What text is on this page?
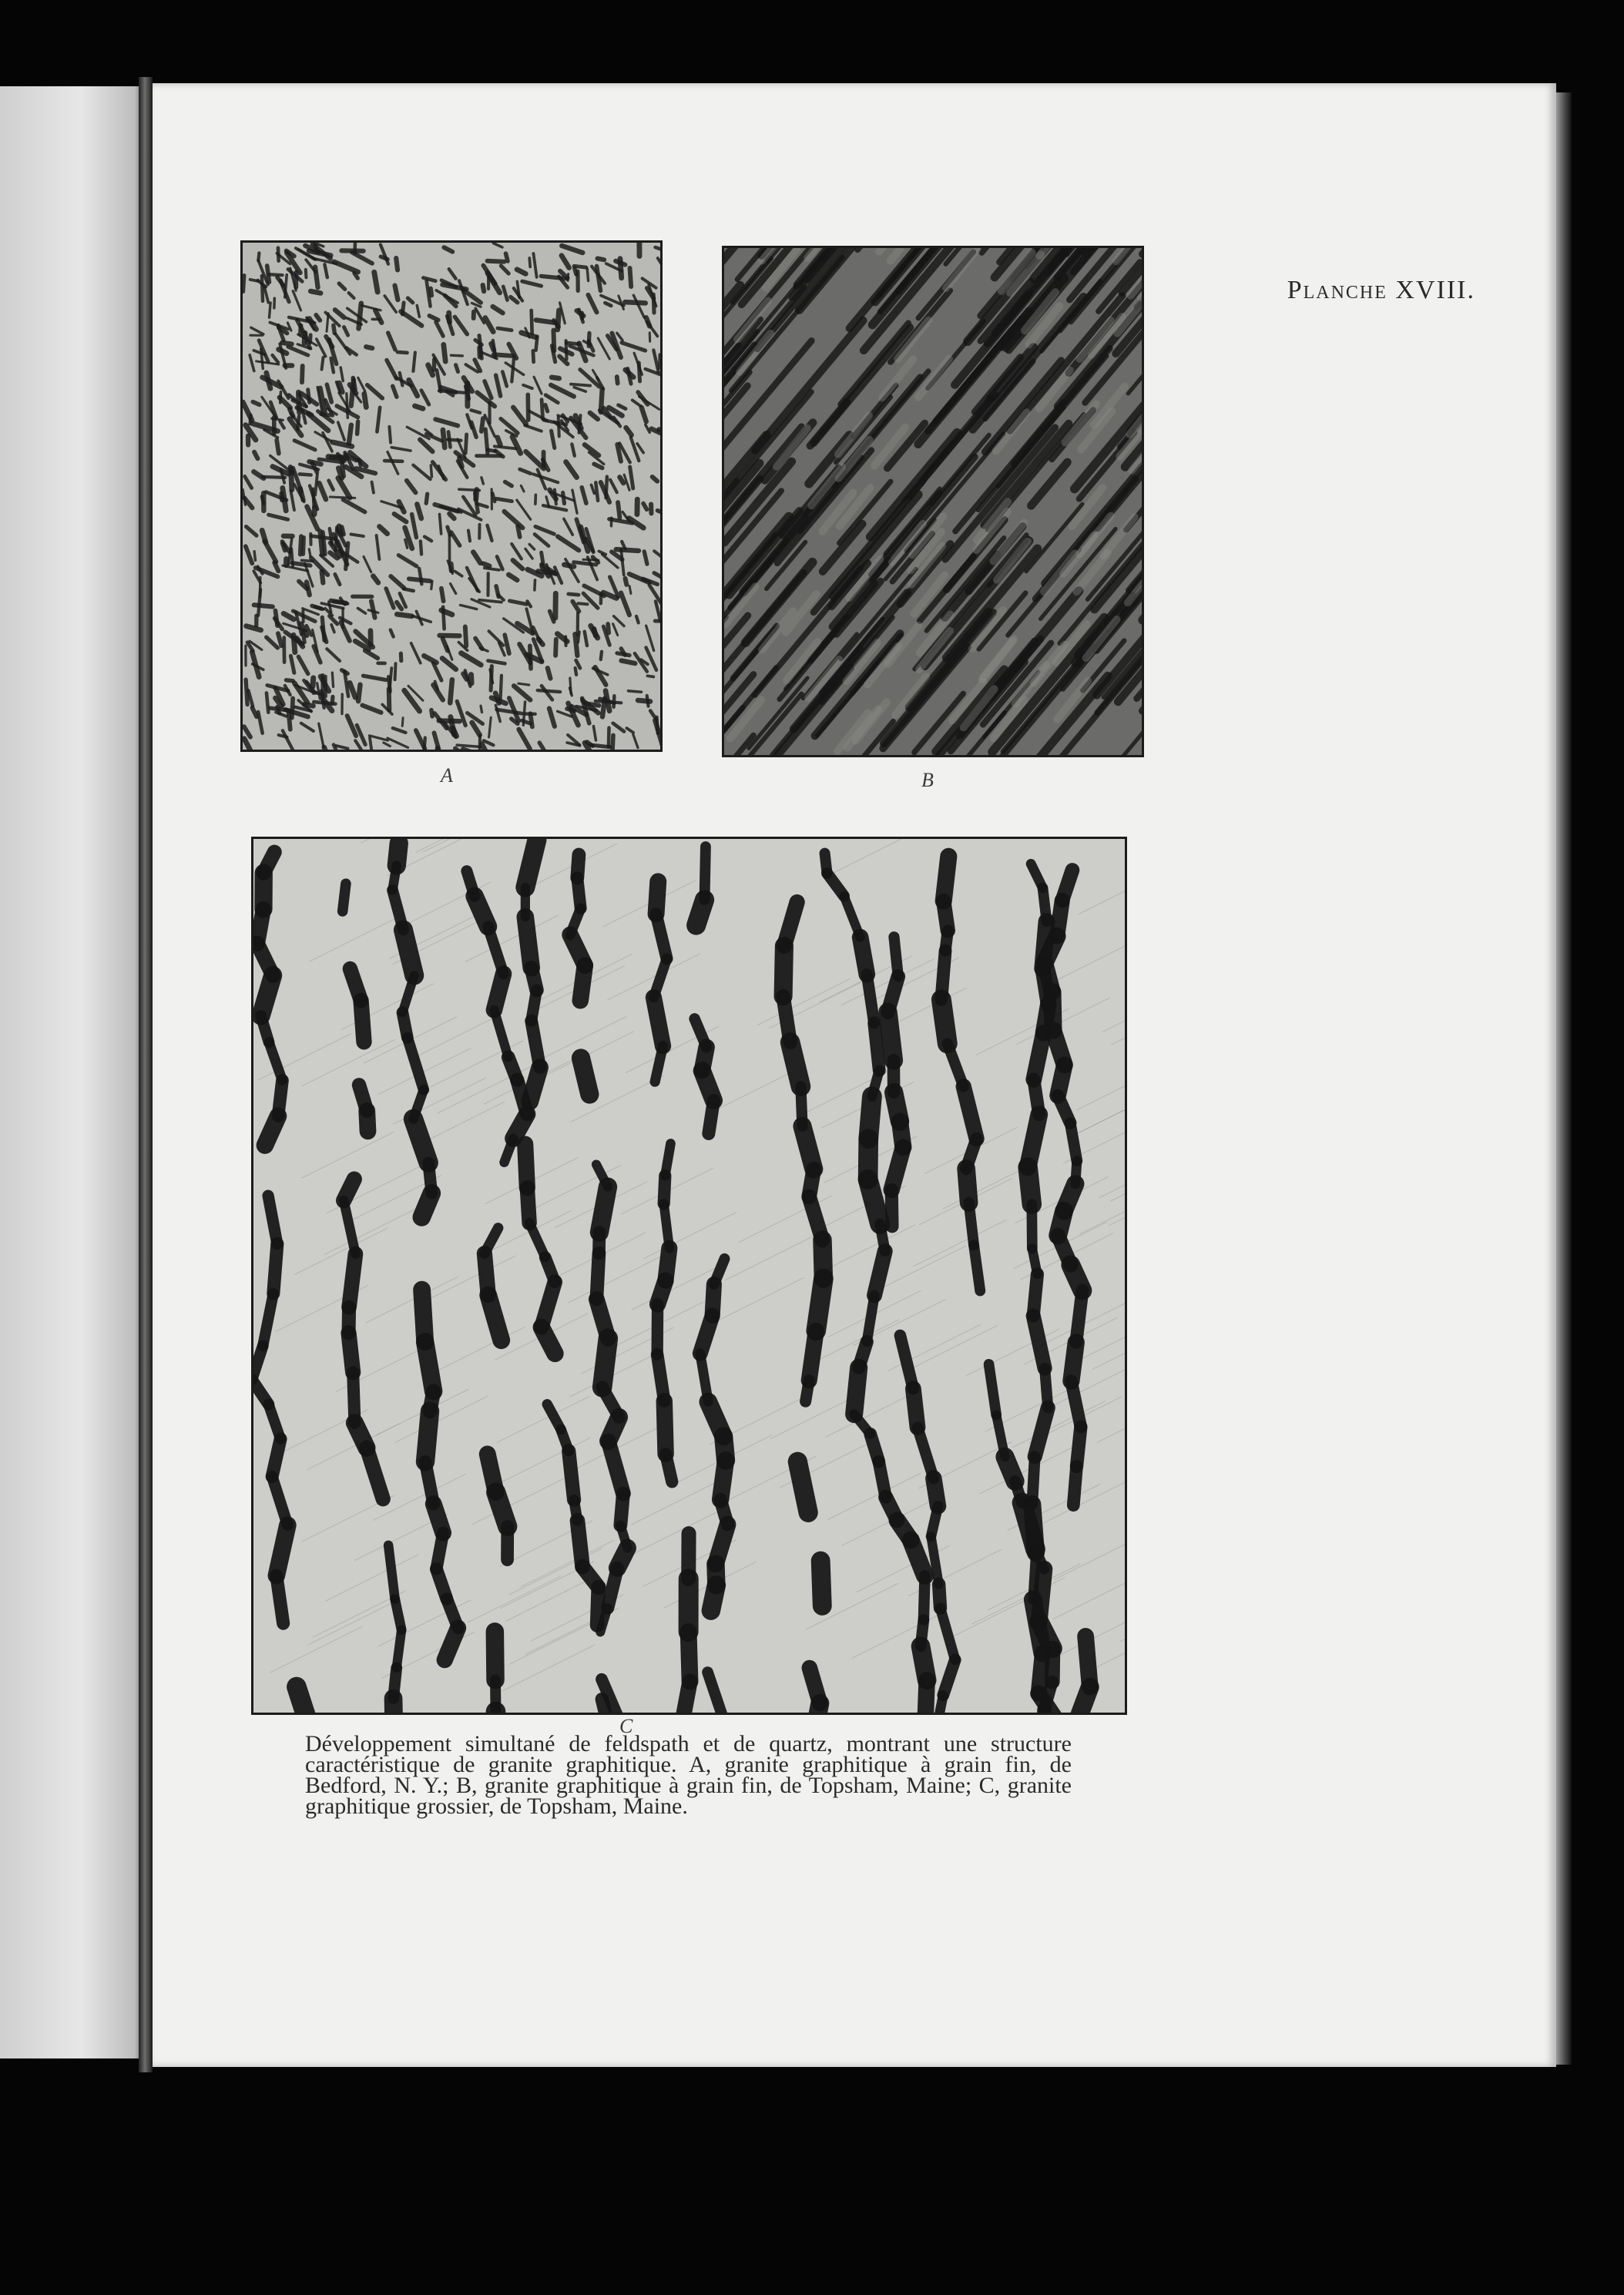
Planche XVIII.
A	B
C
Développement simultané de feldspath et de quartz, montrant une structure caractéristique de granite graphitique. A, granite graphitique à grain fin, de Bedford, N. Y.; B, granite graphitique à grain fin, de Topsham, Maine; C, granite graphitique grossier, de Topsham, Maine.
